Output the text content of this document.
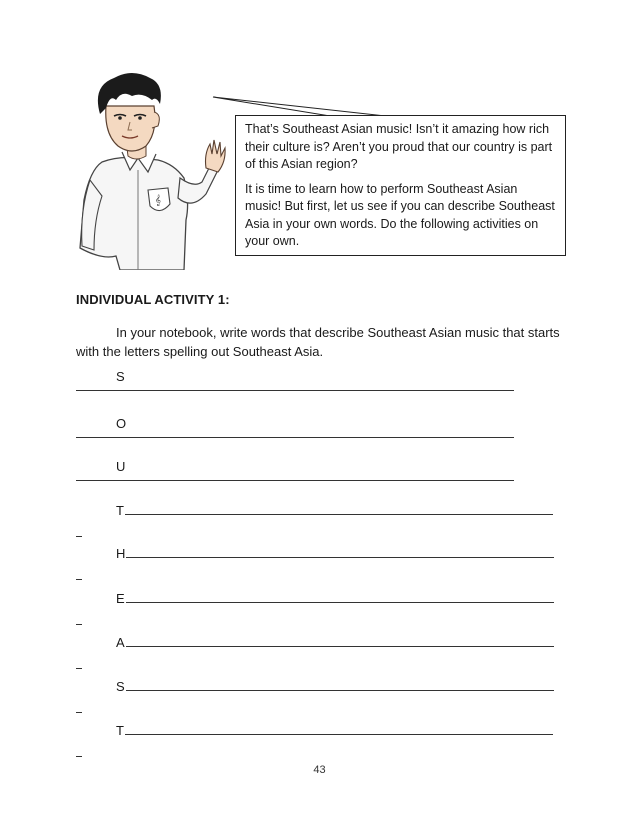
𝄞

That’s Southeast Asian music! Isn’t it amazing how rich their culture is? Aren’t you proud that our country is part of this Asian region?

It is time to learn how to perform Southeast Asian music! But first, let us see if you can describe Southeast Asia in your own words. Do the following activities on your own.

INDIVIDUAL ACTIVITY 1:

In your notebook, write words that describe Southeast Asian music that starts with the letters spelling out Southeast Asia.

S
O
U
T
H
E
A
S
T
43
